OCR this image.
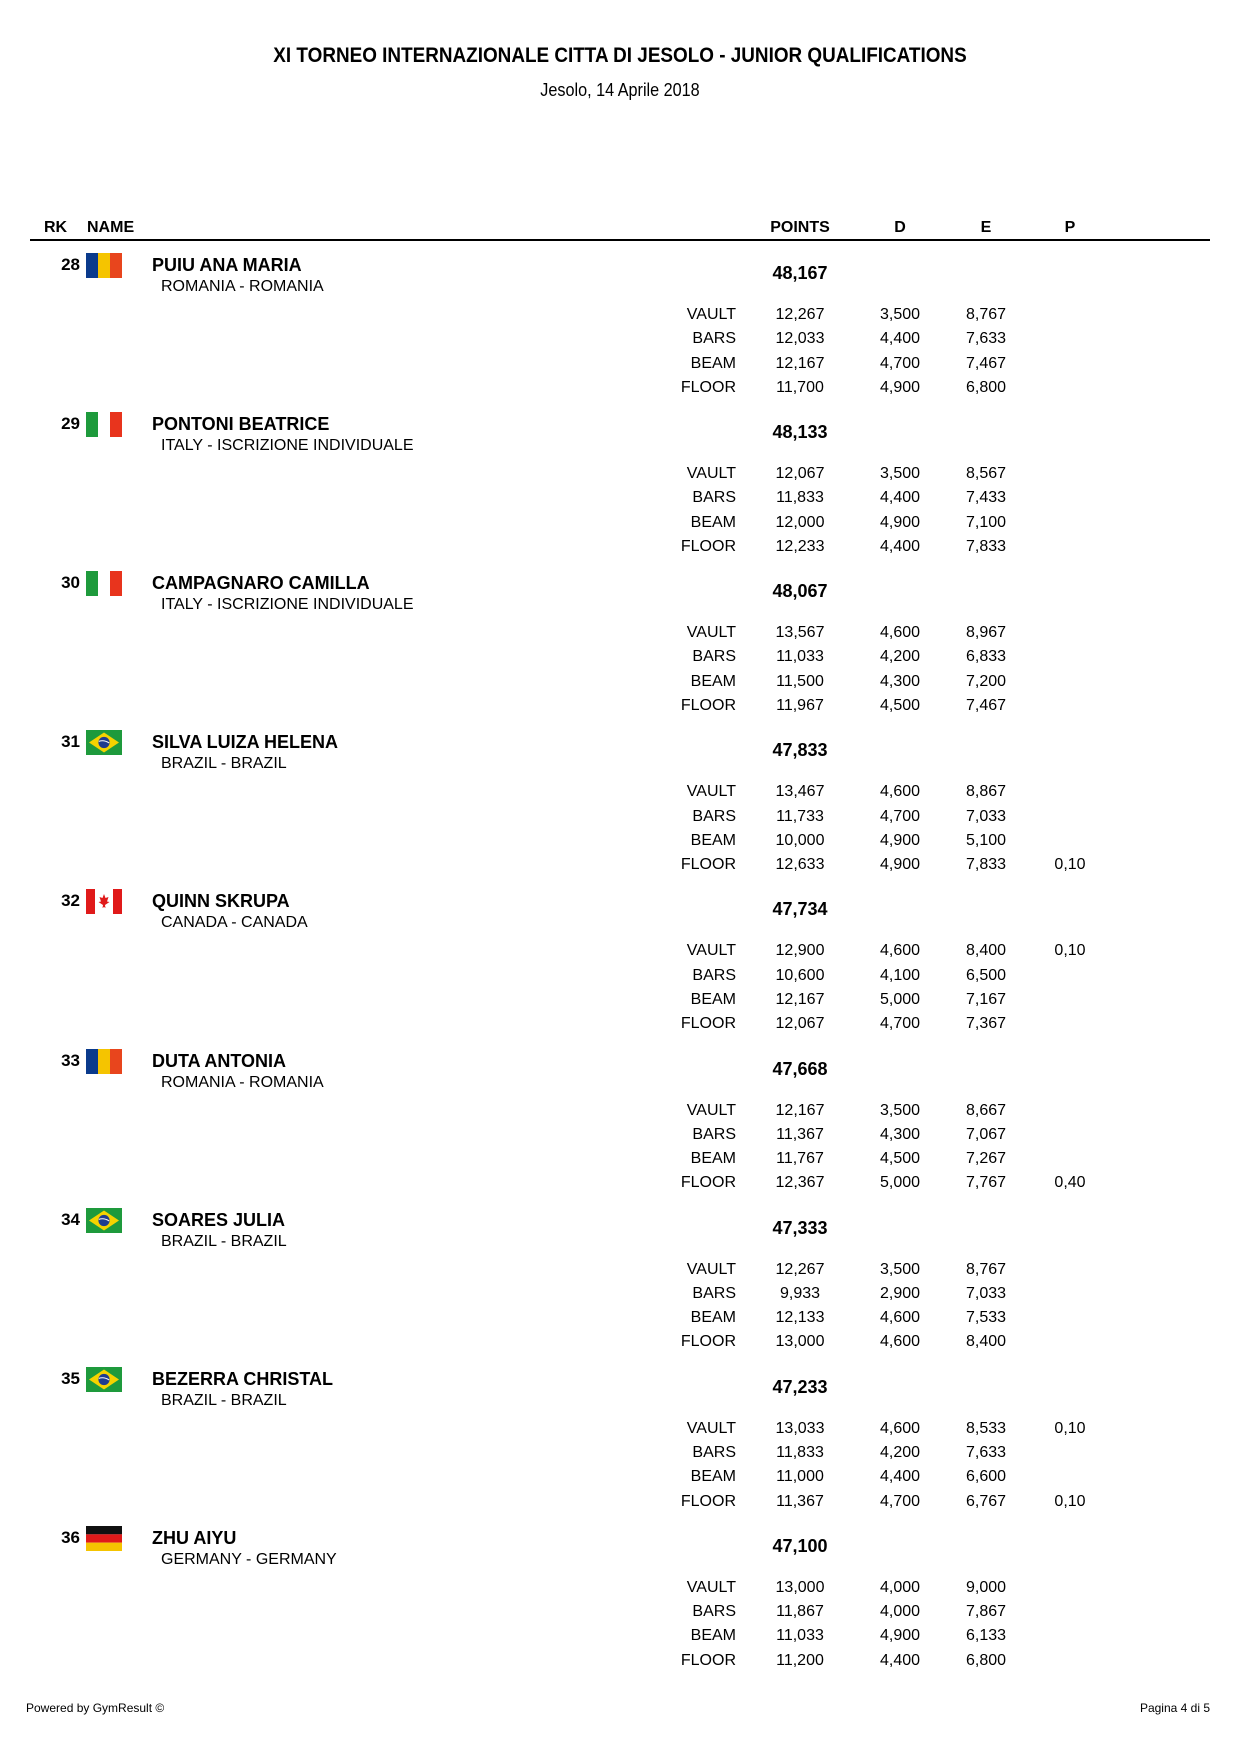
XI TORNEO INTERNAZIONALE CITTA DI JESOLO - JUNIOR QUALIFICATIONS
Jesolo, 14 Aprile 2018
RK NAME	POINTS	D	E	P
28	PUIU ANA MARIA
ROMANIA - ROMANIA
48,167
VAULT	12,267	3,500	8,767
BARS	12,033	4,400	7,633
BEAM	12,167	4,700	7,467
FLOOR	11,700	4,900	6,800
29	PONTONI BEATRICE
ITALY - ISCRIZIONE INDIVIDUALE
48,133
VAULT	12,067	3,500	8,567
BARS	11,833	4,400	7,433
BEAM	12,000	4,900	7,100
FLOOR	12,233	4,400	7,833
30	CAMPAGNARO CAMILLA
ITALY - ISCRIZIONE INDIVIDUALE
48,067
VAULT	13,567	4,600	8,967
BARS	11,033	4,200	6,833
BEAM	11,500	4,300	7,200
FLOOR	11,967	4,500	7,467
31	SILVA LUIZA HELENA
BRAZIL - BRAZIL
47,833
VAULT	13,467	4,600	8,867
BARS	11,733	4,700	7,033
BEAM	10,000	4,900	5,100
FLOOR	12,633	4,900	7,833	0,10
32	QUINN SKRUPA
CANADA - CANADA
47,734
VAULT	12,900	4,600	8,400	0,10
BARS	10,600	4,100	6,500
BEAM	12,167	5,000	7,167
FLOOR	12,067	4,700	7,367
33	DUTA ANTONIA
ROMANIA - ROMANIA
47,668
VAULT	12,167	3,500	8,667
BARS	11,367	4,300	7,067
BEAM	11,767	4,500	7,267
FLOOR	12,367	5,000	7,767	0,40
34	SOARES JULIA
BRAZIL - BRAZIL
47,333
VAULT	12,267	3,500	8,767
BARS	9,933	2,900	7,033
BEAM	12,133	4,600	7,533
FLOOR	13,000	4,600	8,400
35	BEZERRA CHRISTAL
BRAZIL - BRAZIL
47,233
VAULT	13,033	4,600	8,533	0,10
BARS	11,833	4,200	7,633
BEAM	11,000	4,400	6,600
FLOOR	11,367	4,700	6,767	0,10
36	ZHU AIYU
GERMANY - GERMANY
47,100
VAULT	13,000	4,000	9,000
BARS	11,867	4,000	7,867
BEAM	11,033	4,900	6,133
FLOOR	11,200	4,400	6,800
Powered by GymResult ©	Pagina 4 di 5
